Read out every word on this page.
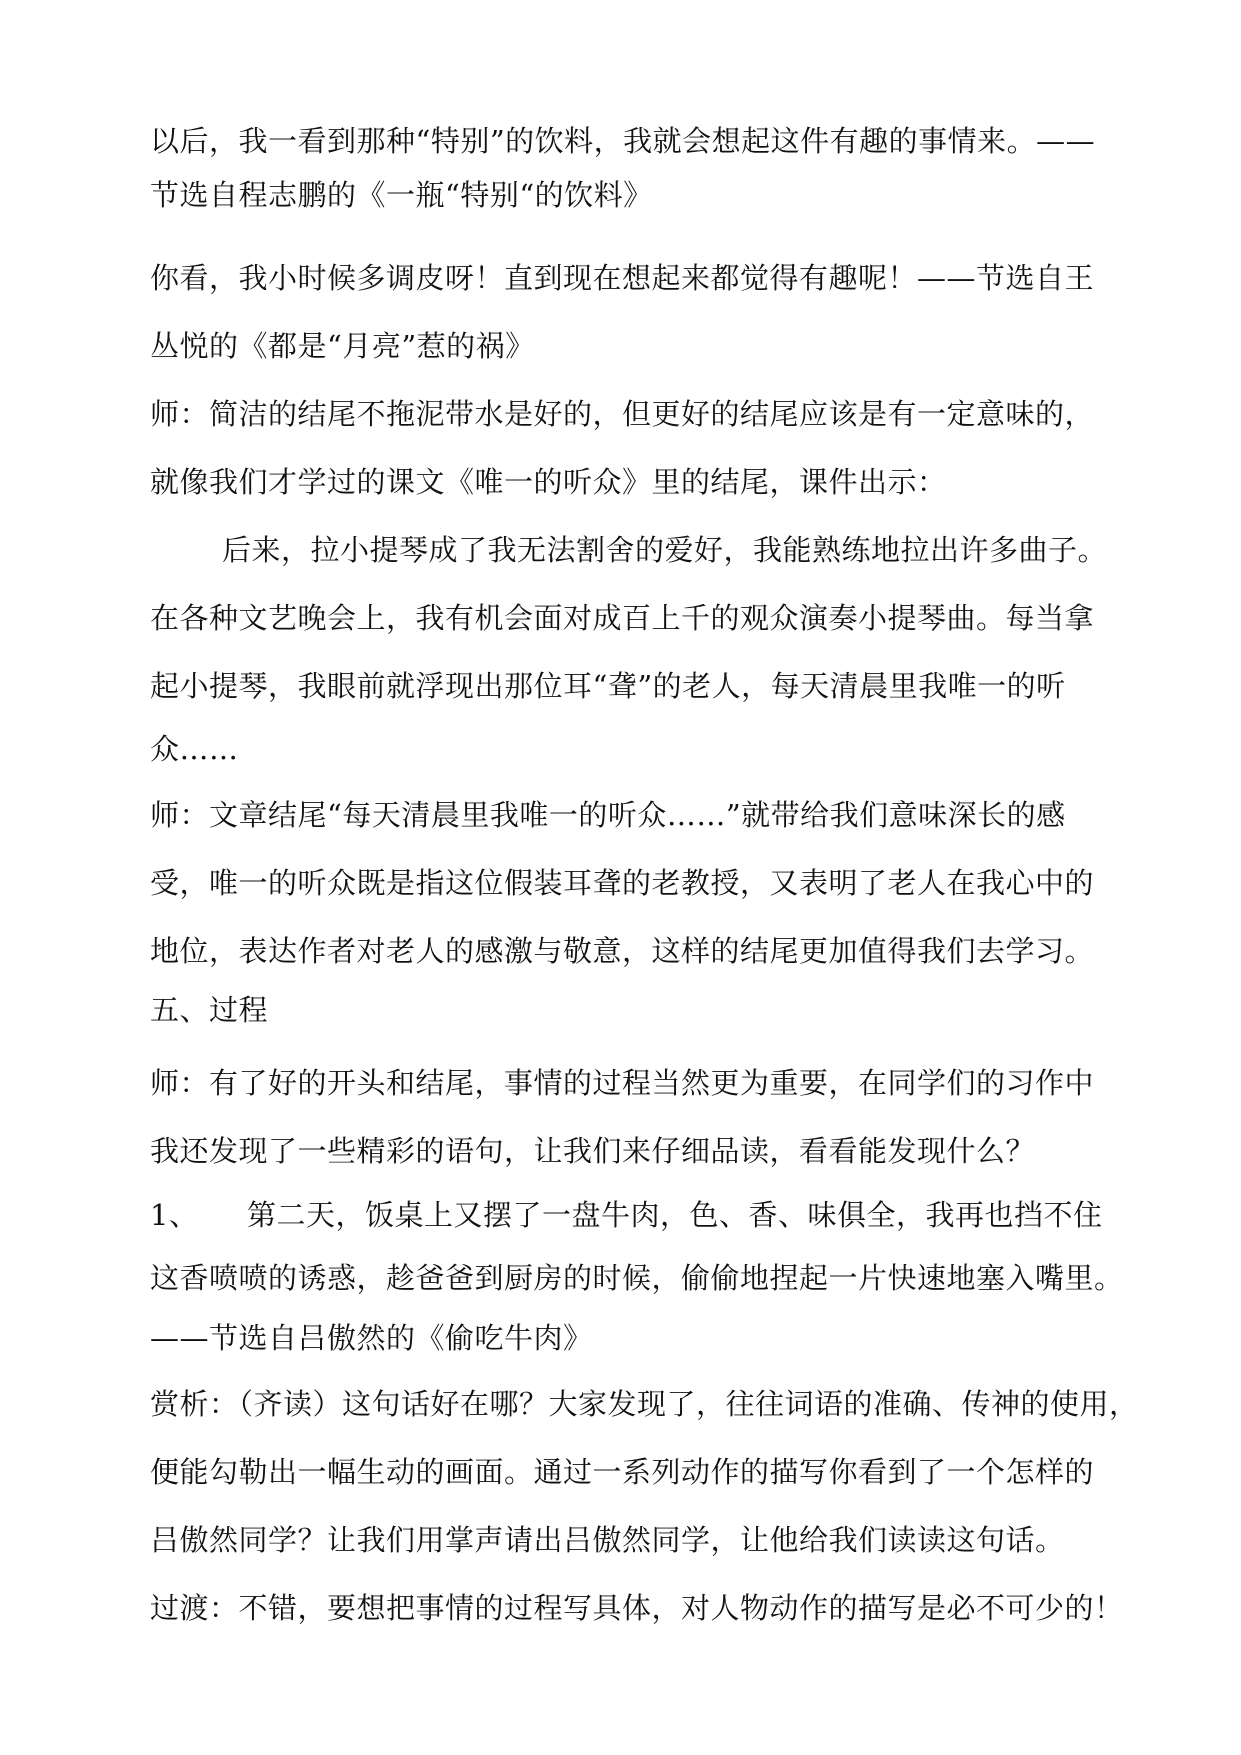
以后，我一看到那种“特别”的饮料，我就会想起这件有趣的事情来。——
节选自程志鹏的《一瓶“特别“的饮料》
你看，我小时候多调皮呀！直到现在想起来都觉得有趣呢！——节选自王
丛悦的《都是“月亮”惹的祸》
师：简洁的结尾不拖泥带水是好的，但更好的结尾应该是有一定意味的，
就像我们才学过的课文《唯一的听众》里的结尾，课件出示：
后来，拉小提琴成了我无法割舍的爱好，我能熟练地拉出许多曲子。
在各种文艺晚会上，我有机会面对成百上千的观众演奏小提琴曲。每当拿
起小提琴，我眼前就浮现出那位耳“聋”的老人，每天清晨里我唯一的听
众……
师：文章结尾“每天清晨里我唯一的听众……”就带给我们意味深长的感
受，唯一的听众既是指这位假装耳聋的老教授，又表明了老人在我心中的
地位，表达作者对老人的感激与敬意，这样的结尾更加值得我们去学习。
五、过程
师：有了好的开头和结尾，事情的过程当然更为重要，在同学们的习作中
我还发现了一些精彩的语句，让我们来仔细品读，看看能发现什么？
1、     第二天，饭桌上又摆了一盘牛肉，色、香、味俱全，我再也挡不住
这香喷喷的诱惑，趁爸爸到厨房的时候，偷偷地捏起一片快速地塞入嘴里。
——节选自吕傲然的《偷吃牛肉》
赏析：（齐读）这句话好在哪？大家发现了，往往词语的准确、传神的使用，
便能勾勒出一幅生动的画面。通过一系列动作的描写你看到了一个怎样的
吕傲然同学？让我们用掌声请出吕傲然同学，让他给我们读读这句话。
过渡：不错，要想把事情的过程写具体，对人物动作的描写是必不可少的！
